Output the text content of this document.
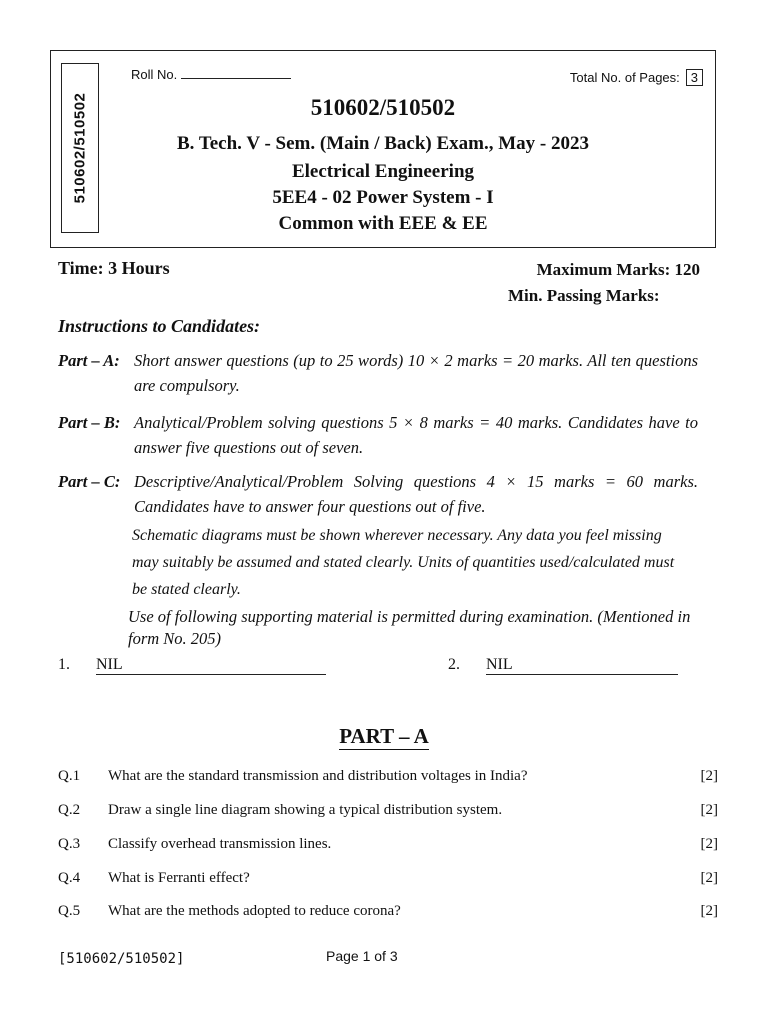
510602/510502
Roll No.	Total No. of Pages: 3
510602/510502
B. Tech. V - Sem. (Main / Back) Exam., May - 2023
Electrical Engineering
5EE4 - 02 Power System - I
Common with EEE & EE
Time: 3 Hours	Maximum Marks: 120
Min. Passing Marks:
Instructions to Candidates:
Part – A: Short answer questions (up to 25 words) 10 × 2 marks = 20 marks. All ten questions are compulsory.
Part – B: Analytical/Problem solving questions 5 × 8 marks = 40 marks. Candidates have to answer five questions out of seven.
Part – C: Descriptive/Analytical/Problem Solving questions 4 × 15 marks = 60 marks. Candidates have to answer four questions out of five.
Schematic diagrams must be shown wherever necessary. Any data you feel missing may suitably be assumed and stated clearly. Units of quantities used/calculated must be stated clearly.
Use of following supporting material is permitted during examination. (Mentioned in form No. 205)
1. NIL	2. NIL
PART – A
Q.1 What are the standard transmission and distribution voltages in India?	[2]
Q.2 Draw a single line diagram showing a typical distribution system.	[2]
Q.3 Classify overhead transmission lines.	[2]
Q.4 What is Ferranti effect?	[2]
Q.5 What are the methods adopted to reduce corona?	[2]
[510602/510502]	Page 1 of 3
